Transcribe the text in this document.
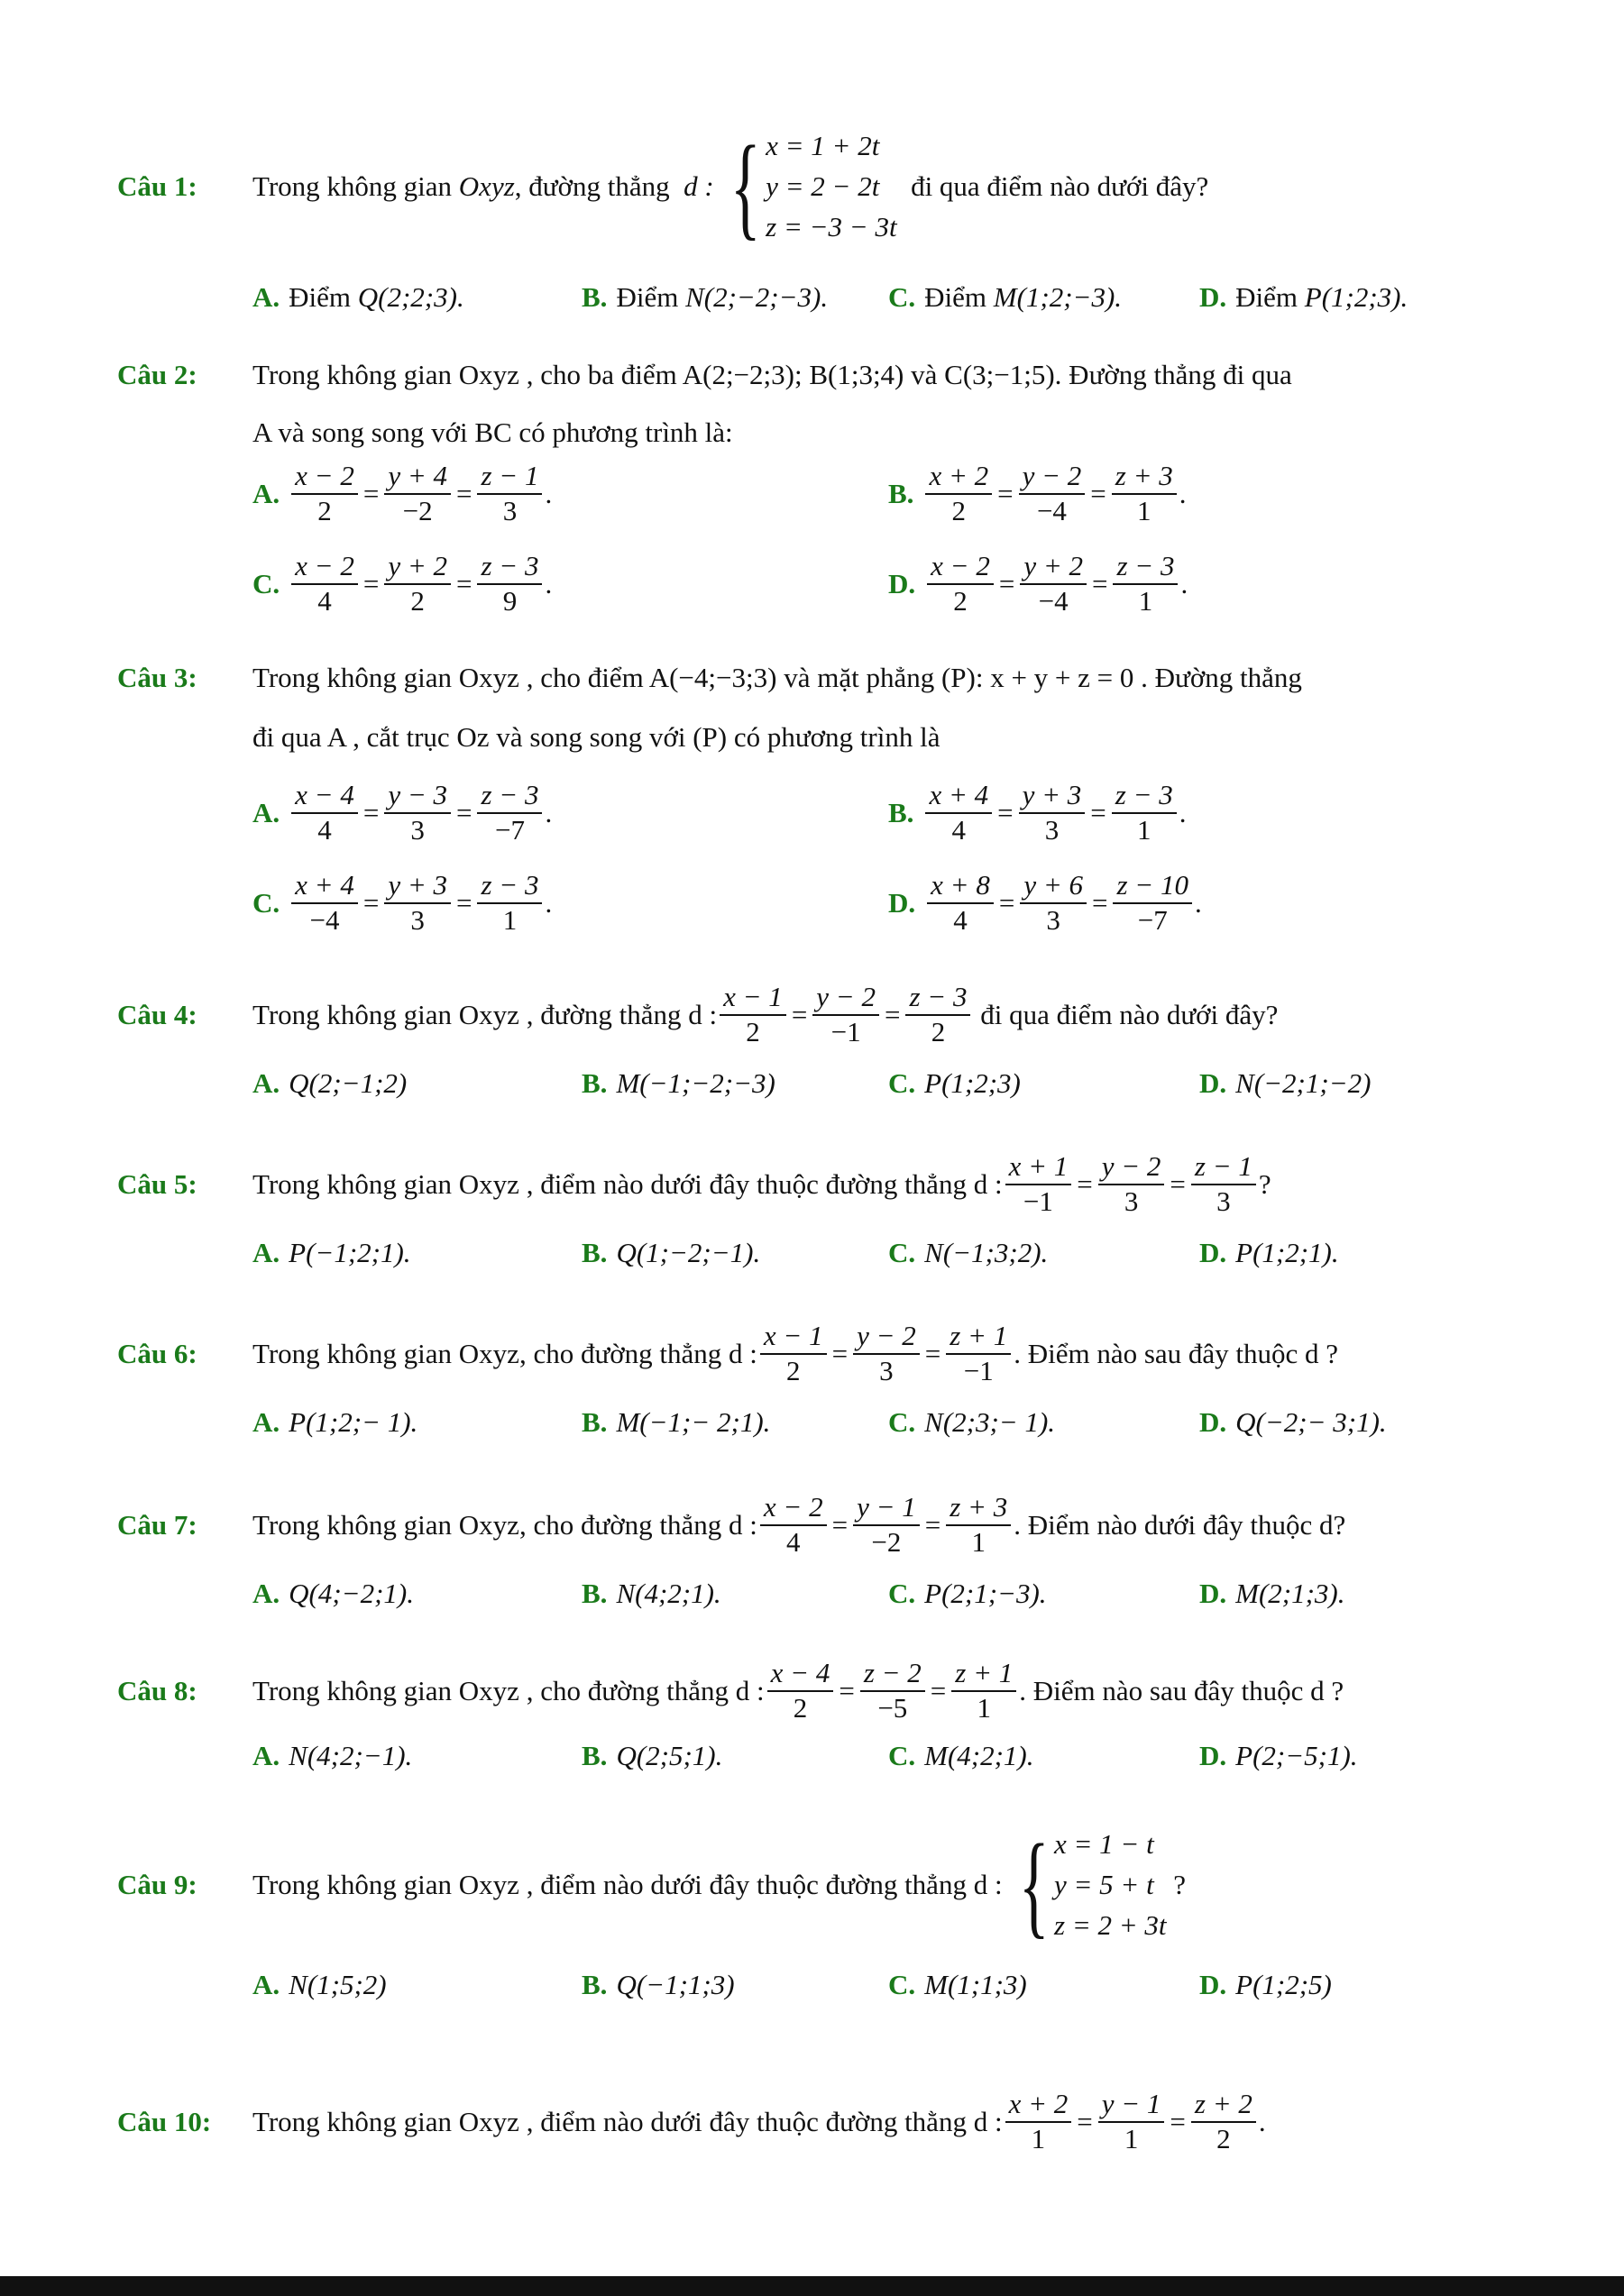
Câu 1:	Trong không gian
Oxyz , đường thẳng
d : { x = 1 + 2t
y = 2 − 2t
z = −3 − 3t

đi qua điểm nào dưới đây?
A. Điểm
Q(2;2;3).	B. Điểm
N(2;−2;−3). C. Điểm
M(1;2;−3).	D. Điểm
P(1;2;3).
Câu 2:	Trong không gian Oxyz , cho ba điểm A(2;−2;3); B(1;3;4) và C(3;−1;5). Đường thẳng đi qua
A và song song với BC có phương trình là:
A. $\frac{x - 2}{2} = \frac{y + 4}{-2} = \frac{z - 1}{3}$ .	B. $\frac{x + 2}{2} = \frac{y - 2}{-4} = \frac{z + 3}{1}$ .
C. $\frac{x - 2}{4} = \frac{y + 2}{2} = \frac{z - 3}{9}$ .	D. $\frac{x - 2}{2} = \frac{y + 2}{-4} = \frac{z - 3}{1}$ .
Câu 3:	Trong không gian Oxyz , cho điểm A(−4;−3;3) và mặt phẳng (P): x + y + z = 0 . Đường thẳng
đi qua A , cắt trục Oz và song song với (P) có phương trình là
A. $\frac{x - 4}{4} = \frac{y - 3}{3} = \frac{z - 3}{-7}$ .	B. $\frac{x + 4}{4} = \frac{y + 3}{3} = \frac{z - 3}{1}$ .
C. $\frac{x + 4}{-4} = \frac{y + 3}{3} = \frac{z - 3}{1}$ .	D. $\frac{x + 8}{4} = \frac{y + 6}{3} = \frac{z - 10}{-7}$ .
Câu 4:	Trong không gian Oxyz , đường thẳng d : $\frac{x - 1}{2} = \frac{y - 2}{-1} = \frac{z - 3}{2}$
đi qua điểm nào dưới đây?
A. Q(2;−1;2)	B. M(−1;−2;−3)	C. P(1;2;3)	D. N(−2;1;−2)
Câu 5:	Trong không gian Oxyz , điểm nào dưới đây thuộc đường thẳng d : $\frac{x + 1}{-1} = \frac{y - 2}{3} = \frac{z - 1}{3}$ ?
A. P(−1;2;1).	B. Q(1;−2;−1).	C. N(−1;3;2).	D. P(1;2;1).
Câu 6:	Trong không gian Oxyz, cho đường thẳng d : $\frac{x - 1}{2} = \frac{y - 2}{3} = \frac{z + 1}{-1}$ . Điểm nào sau đây thuộc d ?
A. P(1;2;− 1).	B. M(−1;− 2;1).	C. N(2;3;− 1).	D. Q(−2;− 3;1).
Câu 7:	Trong không gian Oxyz, cho đường thẳng d : $\frac{x - 2}{4} = \frac{y - 1}{-2} = \frac{z + 3}{1}$ . Điểm nào dưới đây thuộc d?
A. Q(4;−2;1).	B. N(4;2;1).	C. P(2;1;−3).	D. M(2;1;3).
Câu 8:	Trong không gian Oxyz , cho đường thẳng d : $\frac{x - 4}{2} = \frac{z - 2}{-5} = \frac{z + 1}{1}$ . Điểm nào sau đây thuộc d ?
A. N(4;2;−1).	B. Q(2;5;1).	C. M(4;2;1).	D. P(2;−5;1).
Câu 9:	Trong không gian Oxyz , điểm nào dưới đây thuộc đường thẳng d : { x = 1 − t
y = 5 + t
z = 2 + 3t

?
A. N(1;5;2)	B. Q(−1;1;3)	C. M(1;1;3)	D. P(1;2;5)
Câu 10:	Trong không gian Oxyz , điểm nào dưới đây thuộc đường thằng d : $\frac{x + 2}{1} = \frac{y - 1}{1} = \frac{z + 2}{2}$ .
